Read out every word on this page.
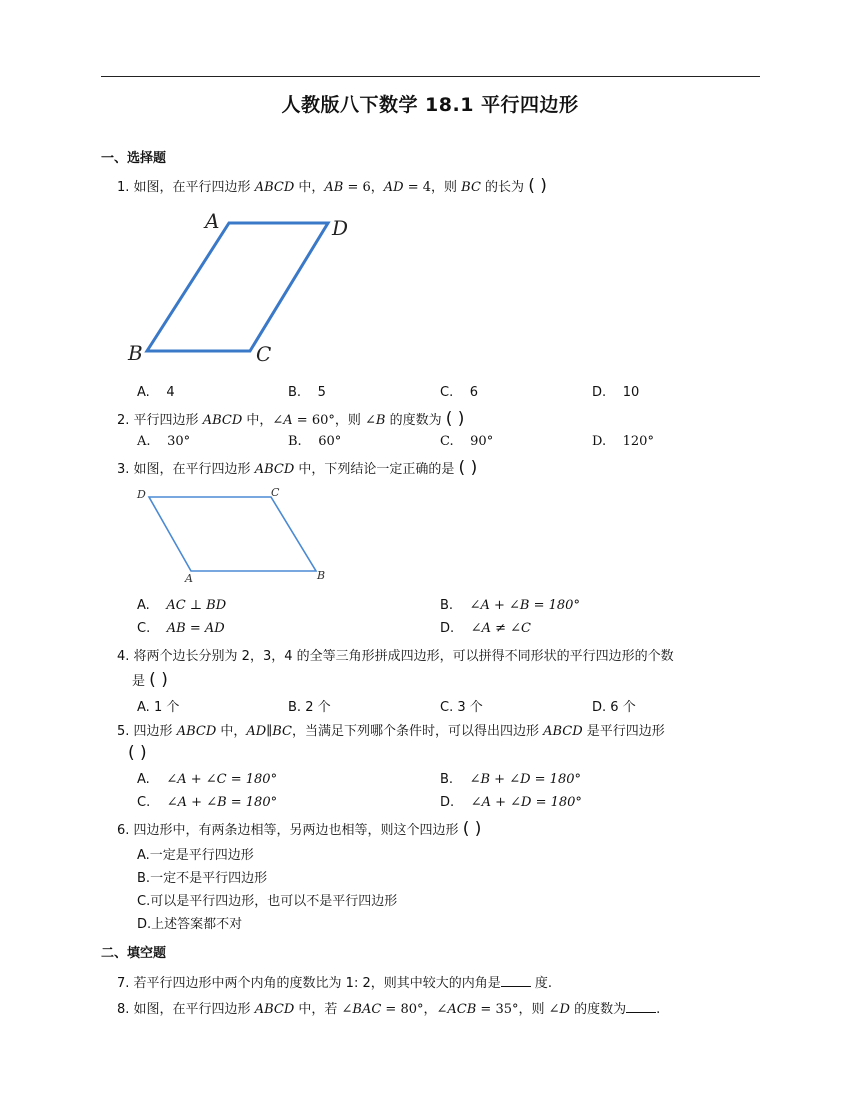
人教版八下数学 18.1 平行四边形
一、选择题
1. 如图，在平行四边形 ABCD 中，AB = 6，AD = 4，则 BC 的长为 ( )
A	D
B	C
A. 4	B. 5	C. 6	D. 10
2. 平行四边形 ABCD 中，∠A = 60°，则 ∠B 的度数为 ( )
A. 30°	B. 60°	C. 90°	D. 120°
3. 如图，在平行四边形 ABCD 中，下列结论一定正确的是 ( )
D	C
A	B
A. AC ⊥ BD	B. ∠A + ∠B = 180°
C. AB = AD	D. ∠A ≠ ∠C
4. 将两个边长分别为 2，3，4 的全等三角形拼成四边形，可以拼得不同形状的平行四边形的个数
是 ( )
A. 1 个	B. 2 个	C. 3 个	D. 6 个
5. 四边形 ABCD 中，AD∥BC，当满足下列哪个条件时，可以得出四边形 ABCD 是平行四边形
( )
A. ∠A + ∠C = 180°	B. ∠B + ∠D = 180°
C. ∠A + ∠B = 180°	D. ∠A + ∠D = 180°
6. 四边形中，有两条边相等，另两边也相等，则这个四边形 ( )
A.一定是平行四边形
B.一定不是平行四边形
C.可以是平行四边形，也可以不是平行四边形
D.上述答案都不对
二、填空题
7. 若平行四边形中两个内角的度数比为 1: 2，则其中较大的内角是 度.
8. 如图，在平行四边形 ABCD 中，若 ∠BAC = 80°，∠ACB = 35°，则 ∠D 的度数为 .
